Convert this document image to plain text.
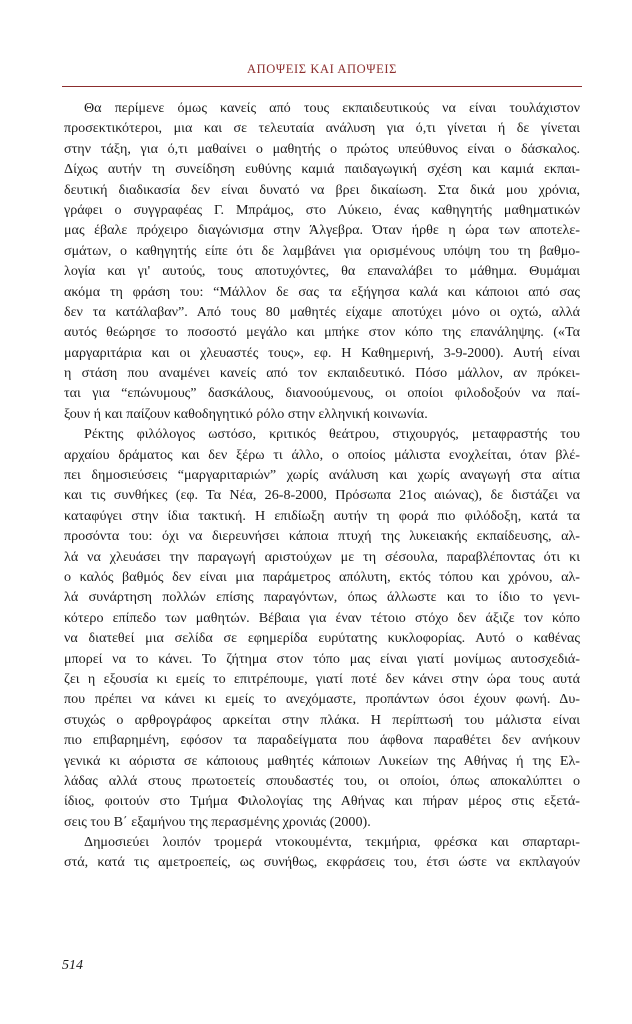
ΑΠΟΨΕΙΣ ΚΑΙ ΑΠΟΨΕΙΣ
Θα περίμενε όμως κανείς από τους εκπαιδευτικούς να είναι τουλάχιστον
προσεκτικότεροι, μια και σε τελευταία ανάλυση για ό,τι γίνεται ή δε γίνεται
στην τάξη, για ό,τι μαθαίνει ο μαθητής ο πρώτος υπεύθυνος είναι ο δάσκαλος.
Δίχως αυτήν τη συνείδηση ευθύνης καμιά παιδαγωγική σχέση και καμιά εκπαι-
δευτική διαδικασία δεν είναι δυνατό να βρει δικαίωση. Στα δικά μου χρόνια,
γράφει ο συγγραφέας Γ. Μπράμος, στο Λύκειο, ένας καθηγητής μαθηματικών
μας έβαλε πρόχειρο διαγώνισμα στην Άλγεβρα. Όταν ήρθε η ώρα των αποτελε-
σμάτων, ο καθηγητής είπε ότι δε λαμβάνει για ορισμένους υπόψη του τη βαθμο-
λογία και γι' αυτούς, τους αποτυχόντες, θα επαναλάβει το μάθημα. Θυμάμαι
ακόμα τη φράση του: “Μάλλον δε σας τα εξήγησα καλά και κάποιοι από σας
δεν τα κατάλαβαν”. Από τους 80 μαθητές είχαμε αποτύχει μόνο οι οχτώ, αλλά
αυτός θεώρησε το ποσοστό μεγάλο και μπήκε στον κόπο της επανάληψης. («Τα
μαργαριτάρια και οι χλευαστές τους», εφ. Η Καθημερινή, 3-9-2000). Αυτή είναι
η στάση που αναμένει κανείς από τον εκπαιδευτικό. Πόσο μάλλον, αν πρόκει-
ται για “επώνυμους” δασκάλους, διανοούμενους, οι οποίοι φιλοδοξούν να παί-
ξουν ή και παίζουν καθοδηγητικό ρόλο στην ελληνική κοινωνία.
Ρέκτης φιλόλογος ωστόσο, κριτικός θεάτρου, στιχουργός, μεταφραστής του
αρχαίου δράματος και δεν ξέρω τι άλλο, ο οποίος μάλιστα ενοχλείται, όταν βλέ-
πει δημοσιεύσεις “μαργαριταριών” χωρίς ανάλυση και χωρίς αναγωγή στα αίτια
και τις συνθήκες (εφ. Τα Νέα, 26-8-2000, Πρόσωπα 21ος αιώνας), δε διστάζει να
καταφύγει στην ίδια τακτική. Η επιδίωξη αυτήν τη φορά πιο φιλόδοξη, κατά τα
προσόντα του: όχι να διερευνήσει κάποια πτυχή της λυκειακής εκπαίδευσης, αλ-
λά να χλευάσει την παραγωγή αριστούχων με τη σέσουλα, παραβλέποντας ότι κι
ο καλός βαθμός δεν είναι μια παράμετρος απόλυτη, εκτός τόπου και χρόνου, αλ-
λά συνάρτηση πολλών επίσης παραγόντων, όπως άλλωστε και το ίδιο το γενι-
κότερο επίπεδο των μαθητών. Βέβαια για έναν τέτοιο στόχο δεν άξιζε τον κόπο
να διατεθεί μια σελίδα σε εφημερίδα ευρύτατης κυκλοφορίας. Αυτό ο καθένας
μπορεί να το κάνει. Το ζήτημα στον τόπο μας είναι γιατί μονίμως αυτοσχεδιά-
ζει η εξουσία κι εμείς το επιτρέπουμε, γιατί ποτέ δεν κάνει στην ώρα τους αυτά
που πρέπει να κάνει κι εμείς το ανεχόμαστε, προπάντων όσοι έχουν φωνή. Δυ-
στυχώς ο αρθρογράφος αρκείται στην πλάκα. Η περίπτωσή του μάλιστα είναι
πιο επιβαρημένη, εφόσον τα παραδείγματα που άφθονα παραθέτει δεν ανήκουν
γενικά κι αόριστα σε κάποιους μαθητές κάποιων Λυκείων της Αθήνας ή της Ελ-
λάδας αλλά στους πρωτοετείς σπουδαστές του, οι οποίοι, όπως αποκαλύπτει ο
ίδιος, φοιτούν στο Τμήμα Φιλολογίας της Αθήνας και πήραν μέρος στις εξετά-
σεις του Β΄ εξαμήνου της περασμένης χρονιάς (2000).
Δημοσιεύει λοιπόν τρομερά ντοκουμέντα, τεκμήρια, φρέσκα και σπαρταρι-
στά, κατά τις αμετροεπείς, ως συνήθως, εκφράσεις του, έτσι ώστε να εκπλαγούν
514
